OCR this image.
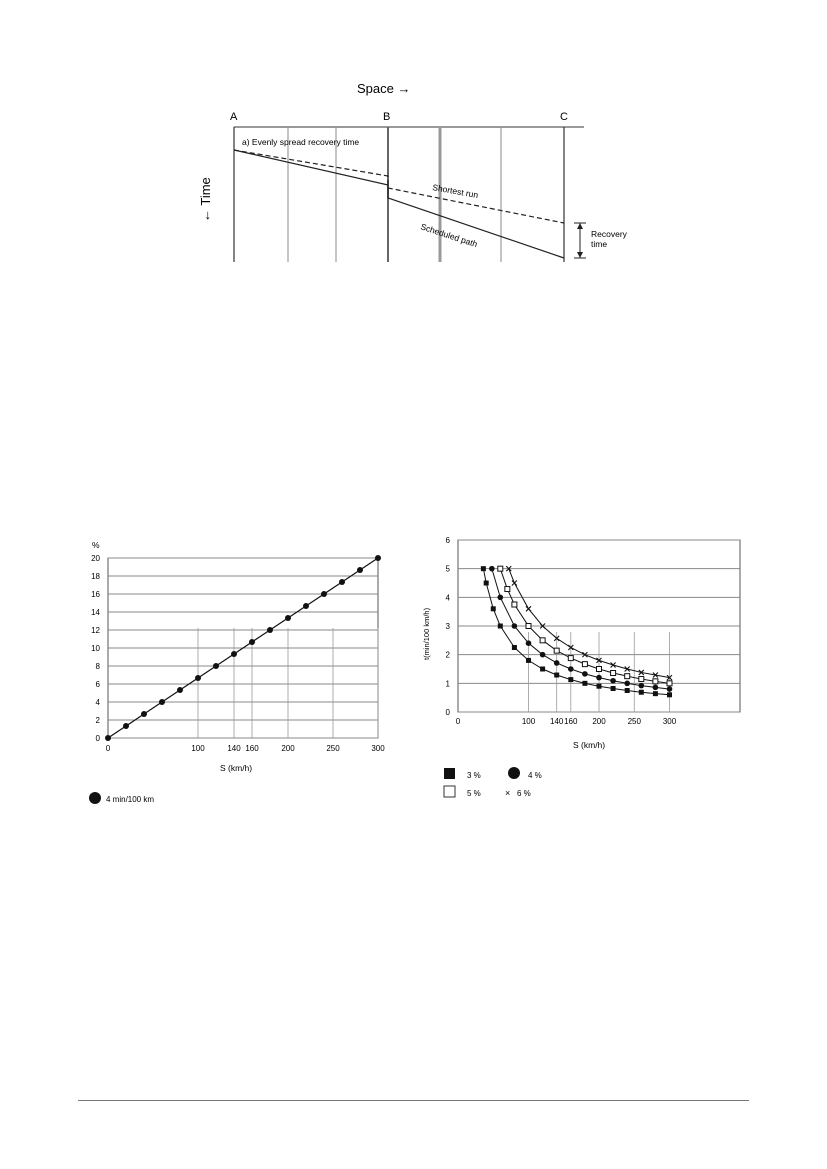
Space →
← Time
A	B	C
a) Evenly spread recovery time
Shortest run
Scheduled path	Recovery
time
0
2
4
6
8
10
12
14
16
18
20
0	100	140 160	200	250	300
%
S (km/h)
4 min/100 km
0
1
2
3
4
5
6
0	100 140 160 200	250	300
t(min/100 km/h)
S (km/h)
3 %	4 %
5 %	× 6 %
